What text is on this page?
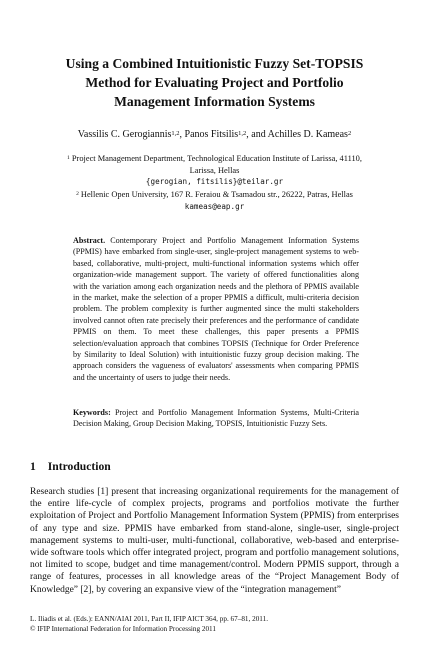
Using a Combined Intuitionistic Fuzzy Set-TOPSIS
Method for Evaluating Project and Portfolio
Management Information Systems
Vassilis C. Gerogiannis$^{1,2}$, Panos Fitsilis$^{1,2}$, and Achilles D. Kameas$^2$
$^1$ Project Management Department, Technological Education Institute of Larissa, 41110,
Larissa, Hellas
{gerogian, fitsilis}@teilar.gr
$^2$ Hellenic Open University, 167 R. Feraiou & Tsamadou str., 26222, Patras, Hellas
kameas@eap.gr
Abstract. Contemporary Project and Portfolio Management Information Systems (PPMIS) have embarked from single-user, single-project management systems to web-based, collaborative, multi-project, multi-functional information systems which offer organization-wide management support. The variety of offered functionalities along with the variation among each organization needs and the plethora of PPMIS available in the market, make the selection of a proper PPMIS a difficult, multi-criteria decision problem. The problem complexity is further augmented since the multi stakeholders involved cannot often rate precisely their preferences and the performance of candidate PPMIS on them. To meet these challenges, this paper presents a PPMIS selection/evaluation approach that combines TOPSIS (Technique for Order Preference by Similarity to Ideal Solution) with intuitionistic fuzzy group decision making. The approach considers the vagueness of evaluators' assessments when comparing PPMIS and the uncertainty of users to judge their needs.
Keywords: Project and Portfolio Management Information Systems, Multi-Criteria Decision Making, Group Decision Making, TOPSIS, Intuitionistic Fuzzy Sets.
1 Introduction
Research studies [1] present that increasing organizational requirements for the management of the entire life-cycle of complex projects, programs and portfolios motivate the further exploitation of Project and Portfolio Management Information System (PPMIS) from enterprises of any type and size. PPMIS have embarked from stand-alone, single-user, single-project management systems to multi-user, multi-functional, collaborative, web-based and enterprise-wide software tools which offer integrated project, program and portfolio management solutions, not limited to scope, budget and time management/control. Modern PPMIS support, through a range of features, processes in all knowledge areas of the “Project Management Body of Knowledge” [2], by covering an expansive view of the “integration management”
L. Iliadis et al. (Eds.): EANN/AIAI 2011, Part II, IFIP AICT 364, pp. 67–81, 2011.
© IFIP International Federation for Information Processing 2011
